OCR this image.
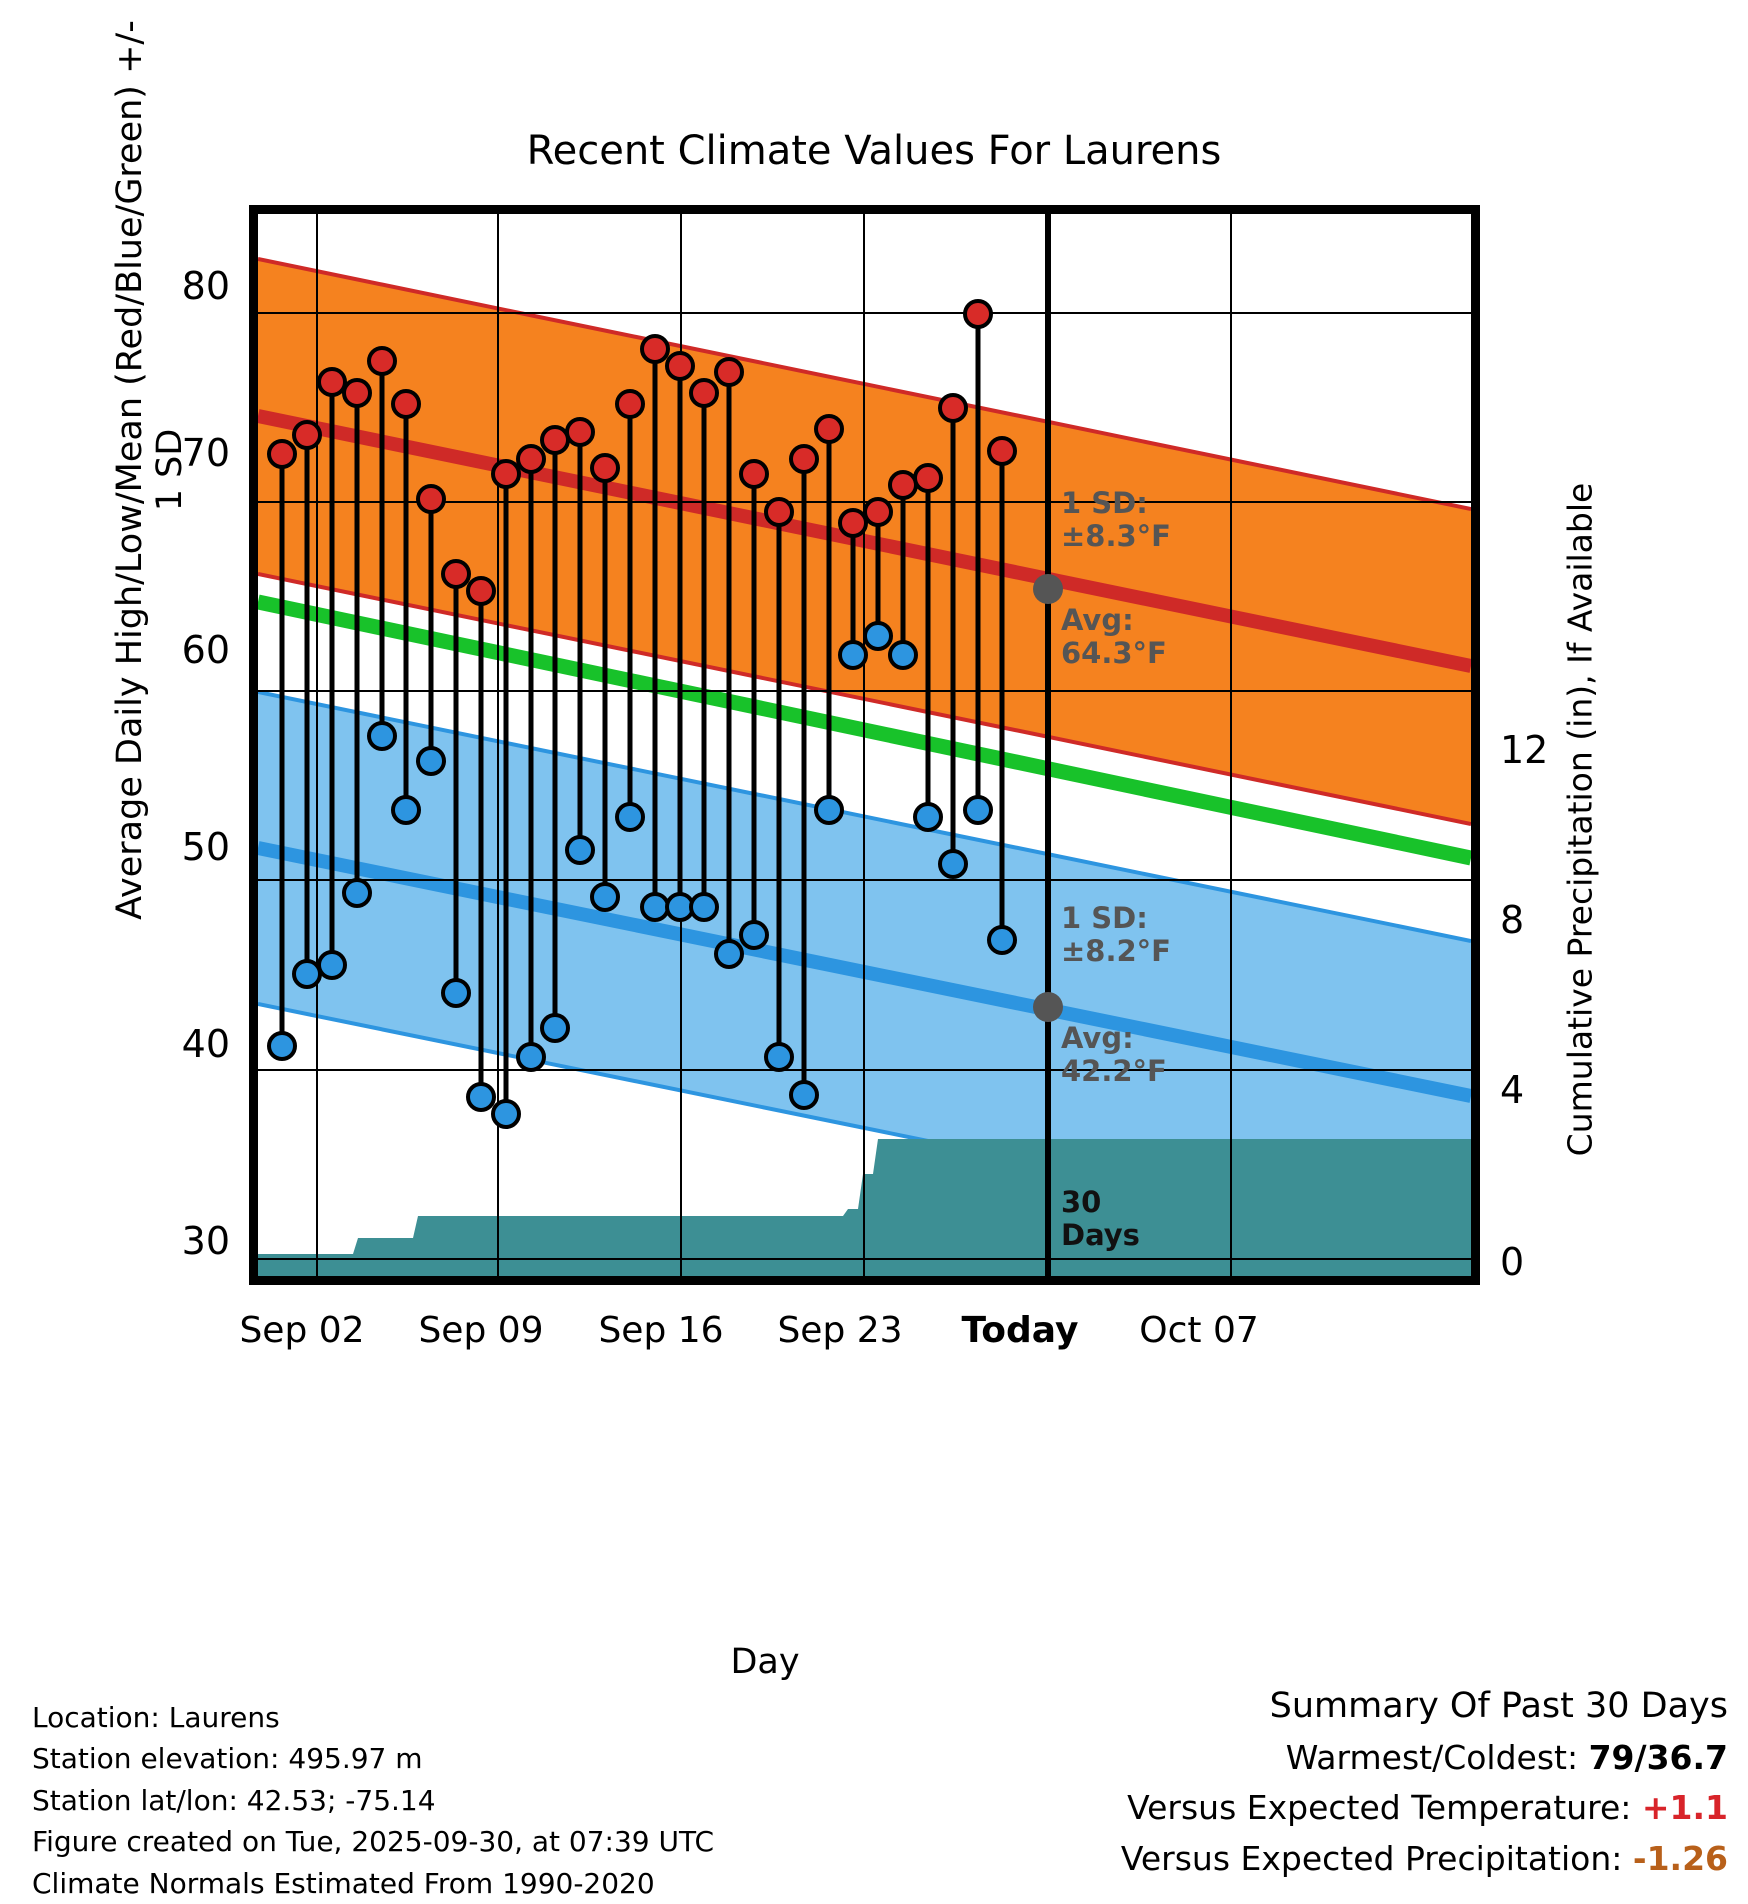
Recent Climate Values For Laurens
Average Daily High/Low/Mean (Red/Blue/Green) +/- 1 SD
Cumulative Precipitation (in), If Available
Day
30
40
50
60
70
80
0
4
8
12
Sep 02	Sep 09	Sep 16	Sep 23	Today	Oct 07
1 SD:
±8.3°F
Avg:
64.3°F
1 SD:
±8.2°F
Avg:
42.2°F
30
Days
Location: Laurens
Station elevation: 495.97 m
Station lat/lon: 42.53; -75.14
Figure created on Tue, 2025-09-30, at 07:39 UTC
Climate Normals Estimated From 1990-2020
Summary Of Past 30 Days
Warmest/Coldest: 79/36.7
Versus Expected Temperature: +1.1
Versus Expected Precipitation: -1.26
